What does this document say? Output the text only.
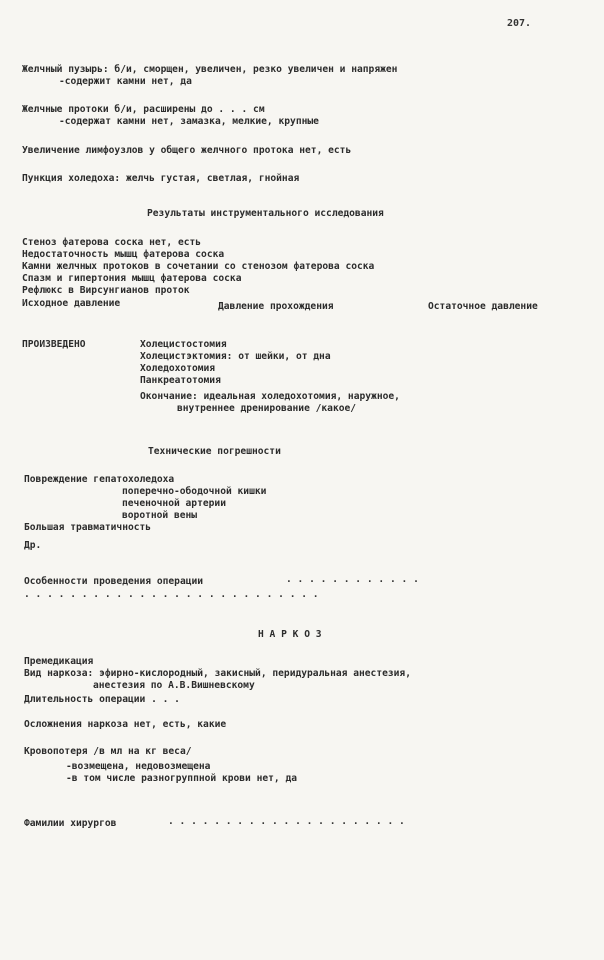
207.
Желчный пузырь: б/и, сморщен, увеличен, резко увеличен и напряжен
-содержит камни нет, да
Желчные протоки б/и, расширены до . . . см
-содержат камни нет, замазка, мелкие, крупные
Увеличение лимфоузлов у общего желчного протока нет, есть
Пункция холедоха: желчь густая, светлая, гнойная
Результаты инструментального исследования
Стеноз фатерова соска нет, есть
Недостаточность мышц фатерова соска
Камни желчных протоков в сочетании со стенозом фатерова соска
Спазм и гипертония мышц фатерова соска
Рефлюкс в Вирсунгианов проток
Исходное давление	Давление прохождения	Остаточное давление
ПРОИЗВЕДЕНО	Холецистостомия
Холецистэктомия: от шейки, от дна
Холедохотомия
Панкреатотомия
Окончание: идеальная холедохотомия, наружное,
внутреннее дренирование /какое/
Технические погрешности
Повреждение гепатохоледоха
поперечно-ободочной кишки
печеночной артерии
воротной вены
Большая травматичность
Др.
Особенности проведения операции	. . . . . . . . . . . .
. . . . . . . . . . . . . . . . . . . . . . . . . .
Н А Р К О З
Премедикация
Вид наркоза: эфирно-кислородный, закисный, перидуральная анестезия,
анестезия по А.В.Вишневскому
Длительность операции . . .
Осложнения наркоза нет, есть, какие
Кровопотеря /в мл на кг веса/
-возмещена, недовозмещена
-в том числе разногруппной крови нет, да
Фамилии хирургов	. . . . . . . . . . . . . . . . . . . . .
